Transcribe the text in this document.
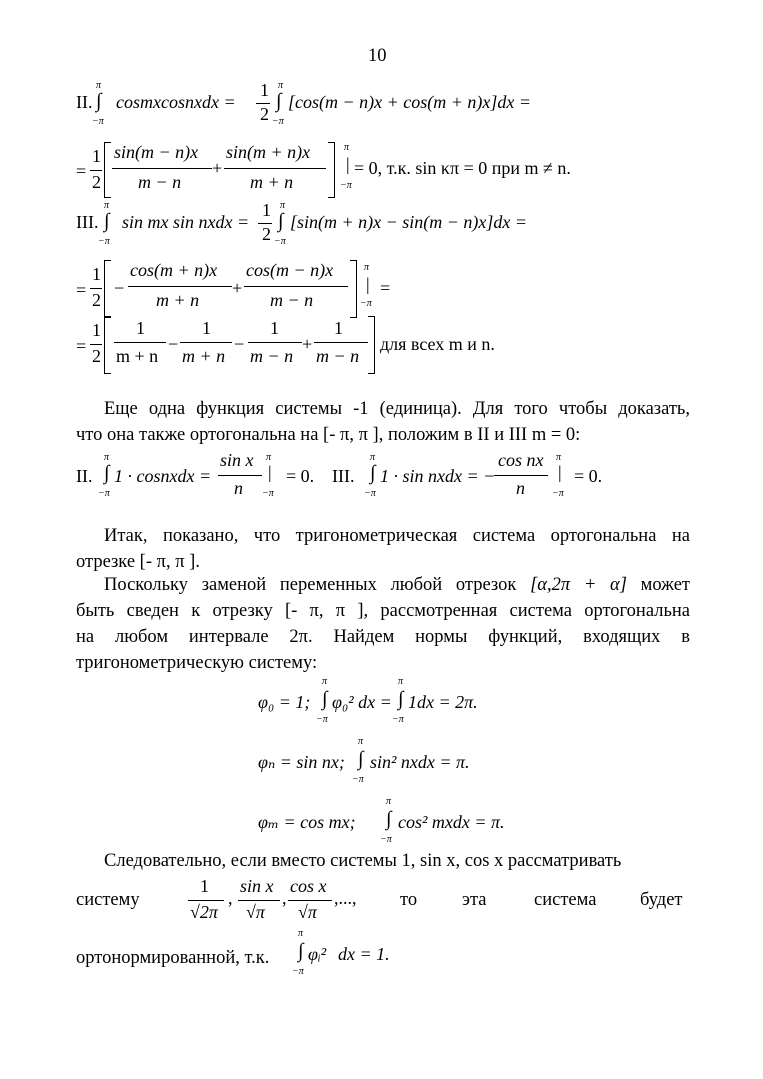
10
π
II. ∫ cosmxcosnxdx =
−π
1
2
π
∫
−π
[cos(m − n)x + cos(m + n)x]dx =
=
1
2
sin(m − n)x
m − n
+
sin(m + n)x
m + n
π
|
−π
= 0, т.к. sin κπ = 0 при m ≠ n.
π
III. ∫ sin mx sin nxdx =
−π
1
2
π
∫
−π
[sin(m + n)x − sin(m − n)x]dx =
=
1
2
−
cos(m + n)x
m + n
+
cos(m − n)x
m − n
π
|
−π
=
=
1
2
1
m + n
−
1
m + n
−
1
m − n
+
1
m − n
для всех m и n.
Еще одна функция системы -1 (единица). Для того чтобы доказать,
что она также ортогональна на [- π, π ], положим в II и III m = 0:
II.
π
∫
−π
1 · cosnxdx =
sin x
n
π
|
−π
= 0. III.
π
∫
−π
1 · sin nxdx = −
cos nx
n
π
|
−π
= 0.
Итак, показано, что тригонометрическая система ортогональна на
отрезке [- π, π ].
Поскольку заменой переменных любой отрезок [α,2π + α] может
быть сведен к отрезку [- π, π ], рассмотренная система ортогональна
на любом интервале 2π. Найдем нормы функций, входящих в
тригонометрическую систему:
φ₀ = 1;
π
∫
−π
φ₀² dx =
π
∫
−π
1dx = 2π.
φₙ = sin nx;
π
∫
−π
sin² nxdx = π.
φₘ = cos mx;
π
∫
−π
cos² mxdx = π.
Следовательно, если вместо системы 1, sin x, cos x рассматривать
систему
1
√2π
,
sin x
√π
,
cos x
√π
,..., то эта	система будет
ортонормированной, т.к.
π
∫
−π
φᵢ² dx = 1.
